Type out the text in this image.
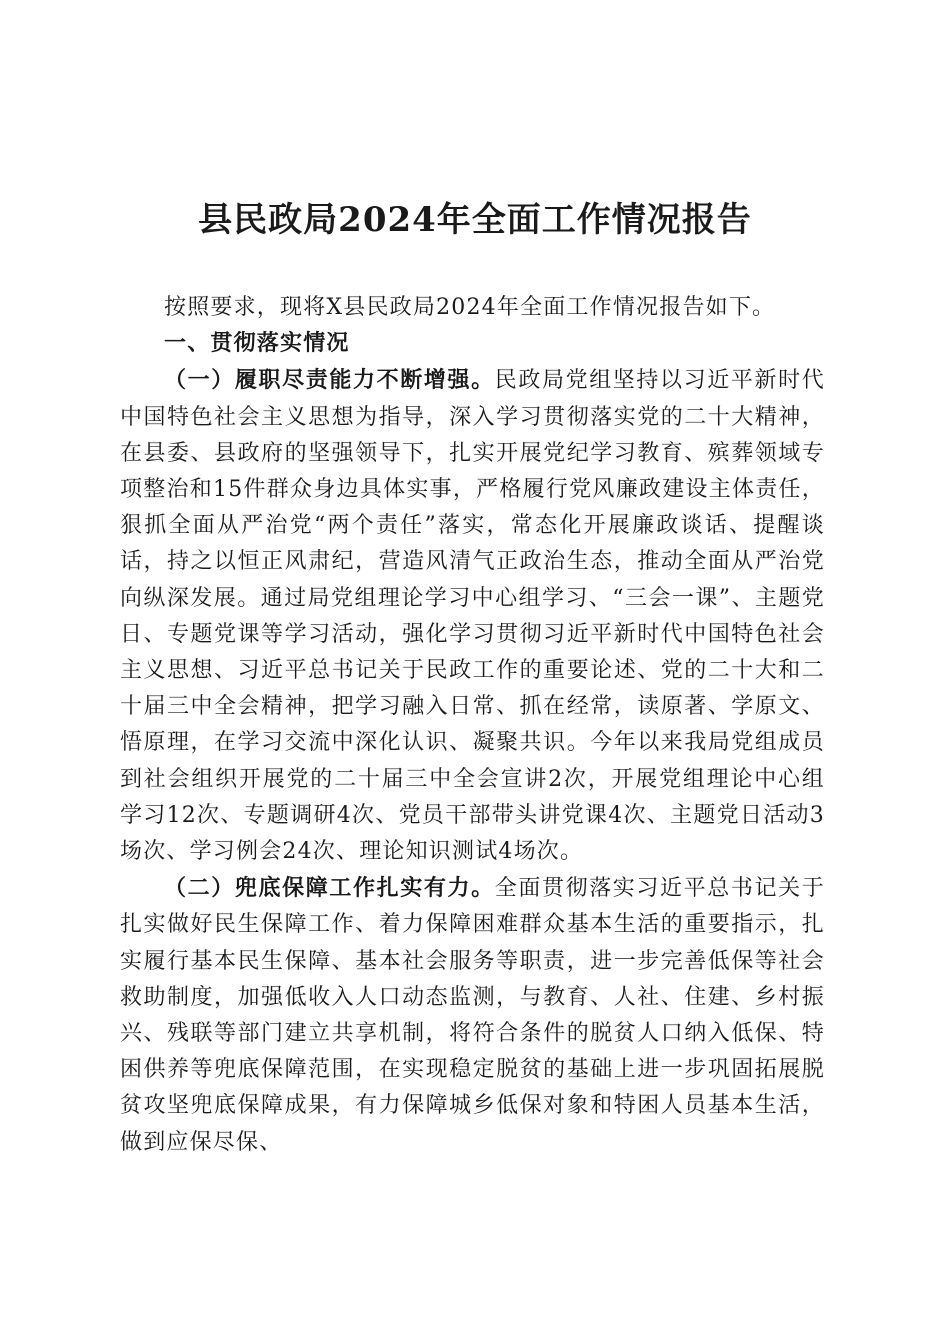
县民政局2024年全面工作情况报告

按照要求，现将X县民政局2024年全面工作情况报告如下。

一、贯彻落实情况

（一）履职尽责能力不断增强。民政局党组坚持以习近平新时代中国特色社会主义思想为指导，深入学习贯彻落实党的二十大精神，在县委、县政府的坚强领导下，扎实开展党纪学习教育、殡葬领域专项整治和15件群众身边具体实事，严格履行党风廉政建设主体责任，狠抓全面从严治党“两个责任”落实，常态化开展廉政谈话、提醒谈话，持之以恒正风肃纪，营造风清气正政治生态，推动全面从严治党向纵深发展。通过局党组理论学习中心组学习、“三会一课”、主题党日、专题党课等学习活动，强化学习贯彻习近平新时代中国特色社会主义思想、习近平总书记关于民政工作的重要论述、党的二十大和二十届三中全会精神，把学习融入日常、抓在经常，读原著、学原文、悟原理，在学习交流中深化认识、凝聚共识。今年以来我局党组成员到社会组织开展党的二十届三中全会宣讲2次，开展党组理论中心组学习12次、专题调研4次、党员干部带头讲党课4次、主题党日活动3场次、学习例会24次、理论知识测试4场次。

（二）兜底保障工作扎实有力。全面贯彻落实习近平总书记关于扎实做好民生保障工作、着力保障困难群众基本生活的重要指示，扎实履行基本民生保障、基本社会服务等职责，进一步完善低保等社会救助制度，加强低收入人口动态监测，与教育、人社、住建、乡村振兴、残联等部门建立共享机制，将符合条件的脱贫人口纳入低保、特困供养等兜底保障范围，在实现稳定脱贫的基础上进一步巩固拓展脱贫攻坚兜底保障成果，有力保障城乡低保对象和特困人员基本生活，做到应保尽保、
